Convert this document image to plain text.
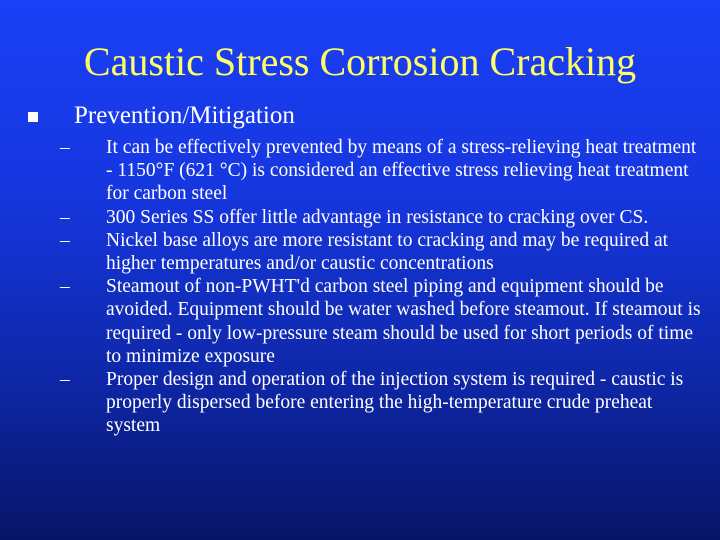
Caustic Stress Corrosion Cracking
Prevention/Mitigation
–	It can be effectively prevented by means of a stress-relieving heat treatment - 1150°F (621 °C) is considered an effective stress relieving heat treatment for carbon steel
–	300 Series SS offer little advantage in resistance to cracking over CS.
–	Nickel base alloys are more resistant to cracking and may be required at higher temperatures and/or caustic concentrations
–	Steamout of non-PWHT'd carbon steel piping and equipment should be avoided. Equipment should be water washed before steamout. If steamout is required - only low-pressure steam should be used for short periods of time to minimize exposure
–	Proper design and operation of the injection system is required - caustic is properly dispersed before entering the high-temperature crude preheat system
